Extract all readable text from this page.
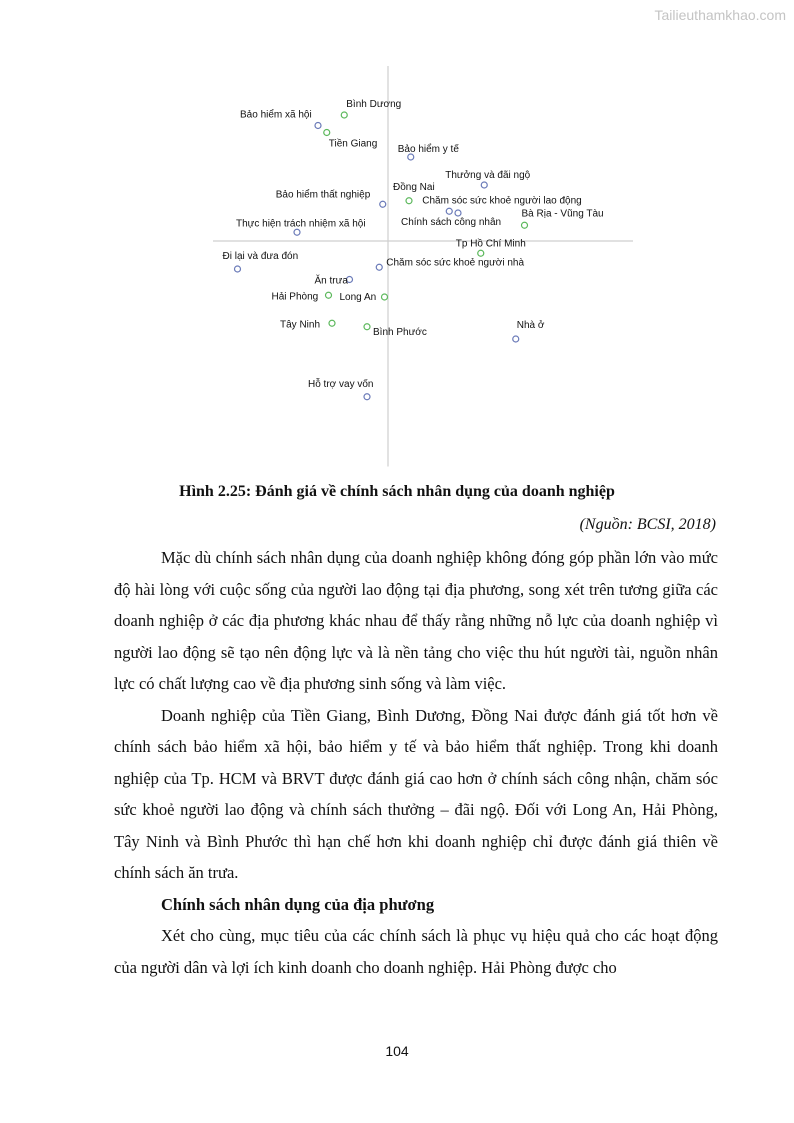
Tailieuthamkhao.com
Bảo hiểm xã hội
Bảo hiểm y tế
Thưởng và đãi ngộ
Bảo hiểm thất nghiệp
Chăm sóc sức khoẻ người lao động
Chính sách công nhân
Thực hiện trách nhiệm xã hội
Đi lại và đưa đón
Chăm sóc sức khoẻ người nhà
Ăn trưa
Nhà ở
Hỗ trợ vay vốn
Bình Dương
Tiền Giang
Đồng Nai
Bà Rịa - Vũng Tàu
Tp Hồ Chí Minh
Hải Phòng Long An
Tây Ninh
Bình Phước
Hình 2.25: Đánh giá về chính sách nhân dụng của doanh nghiệp
(Nguồn: BCSI, 2018)

Mặc dù chính sách nhân dụng của doanh nghiệp không đóng góp phần lớn vào mức độ hài lòng với cuộc sống của người lao động tại địa phương, song xét trên tương giữa các doanh nghiệp ở các địa phương khác nhau để thấy rằng những nỗ lực của doanh nghiệp vì người lao động sẽ tạo nên động lực và là nền tảng cho việc thu hút người tài, nguồn nhân lực có chất lượng cao về địa phương sinh sống và làm việc.

Doanh nghiệp của Tiền Giang, Bình Dương, Đồng Nai được đánh giá tốt hơn về chính sách bảo hiểm xã hội, bảo hiểm y tế và bảo hiểm thất nghiệp. Trong khi doanh nghiệp của Tp. HCM và BRVT được đánh giá cao hơn ở chính sách công nhận, chăm sóc sức khoẻ người lao động và chính sách thưởng – đãi ngộ. Đối với Long An, Hải Phòng, Tây Ninh và Bình Phước thì hạn chế hơn khi doanh nghiệp chỉ được đánh giá thiên về chính sách ăn trưa.

Chính sách nhân dụng của địa phương

Xét cho cùng, mục tiêu của các chính sách là phục vụ hiệu quả cho các hoạt động của người dân và lợi ích kinh doanh cho doanh nghiệp. Hải Phòng được cho

104
